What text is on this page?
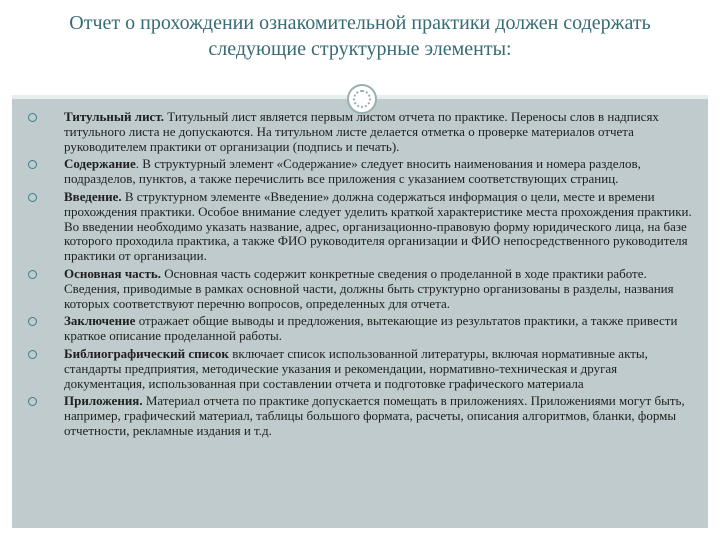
Отчет о прохождении ознакомительной практики должен содержать
следующие структурные элементы:
Титульный лист. Титульный лист является первым листом отчета по практике. Переносы слов в надписях титульного листа не допускаются. На титульном листе делается отметка о проверке материалов отчета руководителем практики от организации (подпись и печать).
Содержание. В структурный элемент «Содержание» следует вносить наименования и номера разделов, подразделов, пунктов, а также перечислить все приложения с указанием соответствующих страниц.
Введение. В структурном элементе «Введение» должна содержаться информация о цели, месте и времени прохождения практики. Особое внимание следует уделить краткой характеристике места прохождения практики. Во введении необходимо указать название, адрес, организационно-правовую форму юридического лица, на базе которого проходила практика, а также ФИО руководителя организации и ФИО непосредственного руководителя практики от организации.
Основная часть. Основная часть содержит конкретные сведения о проделанной в ходе практики работе. Сведения, приводимые в рамках основной части, должны быть структурно организованы в разделы, названия которых соответствуют перечню вопросов, определенных для отчета.
Заключение отражает общие выводы и предложения, вытекающие из результатов практики, а также привести краткое описание проделанной работы.
Библиографический список включает список использованной литературы, включая нормативные акты, стандарты предприятия, методические указания и рекомендации, нормативно-техническая и другая документация, использованная при составлении отчета и подготовке графического материала
Приложения. Материал отчета по практике допускается помещать в приложениях. Приложениями могут быть, например, графический материал, таблицы большого формата, расчеты, описания алгоритмов, бланки, формы отчетности, рекламные издания и т.д.
